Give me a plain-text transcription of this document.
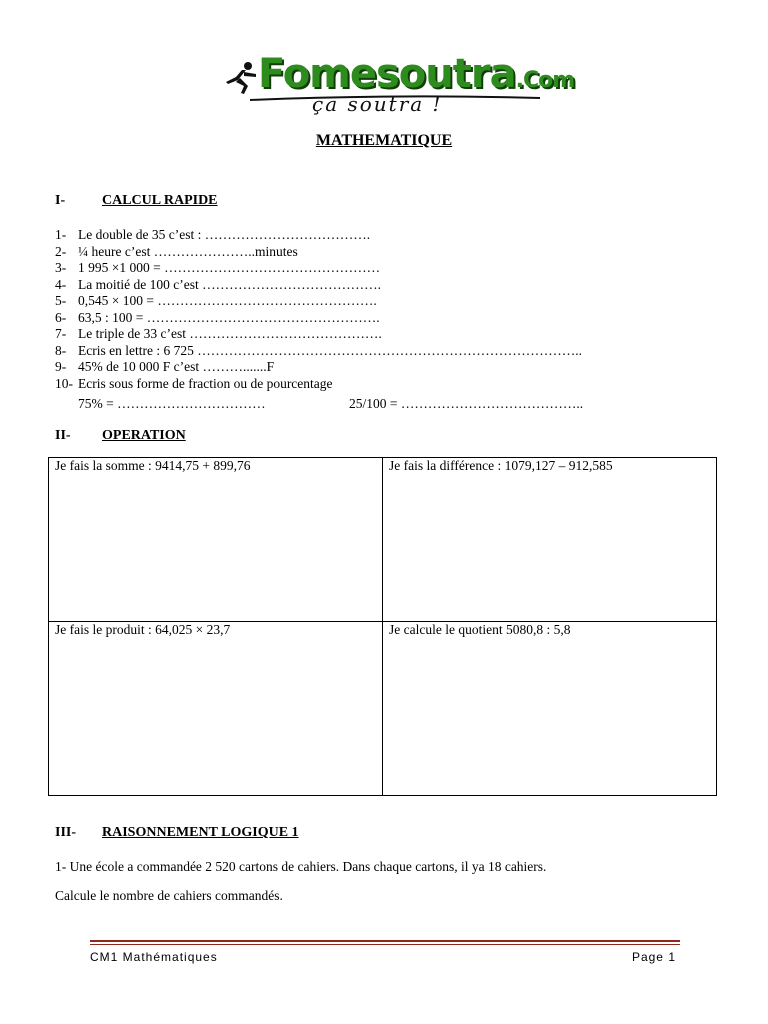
Fomesoutra.Com
ça soutra !
MATHEMATIQUE
I-	CALCUL RAPIDE
1- Le double de 35 c’est : ……………………………….
2- ¼ heure c’est …………………..minutes
3- 1 995 ×1 000 = …………………………………………
4- La moitié de 100 c’est ………………………………….
5- 0,545 × 100 = ………………………………………….
6- 63,5 : 100 = …………………………………………….
7- Le triple de 33 c’est …………………………………….
8- Ecris en lettre : 6 725 …………………………………………………………………………..
9- 45% de 10 000 F c’est ……….......F
10- Ecris sous forme de fraction ou de pourcentage
75% = ……………………………	25/100 = …………………………………..
II- OPERATION
Je fais la somme : 9414,75 + 899,76	Je fais la différence : 1079,127 – 912,585

Je fais le produit : 64,025 × 23,7	Je calcule le quotient 5080,8 : 5,8
III- RAISONNEMENT LOGIQUE 1
1- Une école a commandée 2 520 cartons de cahiers. Dans chaque cartons, il ya 18 cahiers.
Calcule le nombre de cahiers commandés.
CM1 Mathématiques	Page 1
